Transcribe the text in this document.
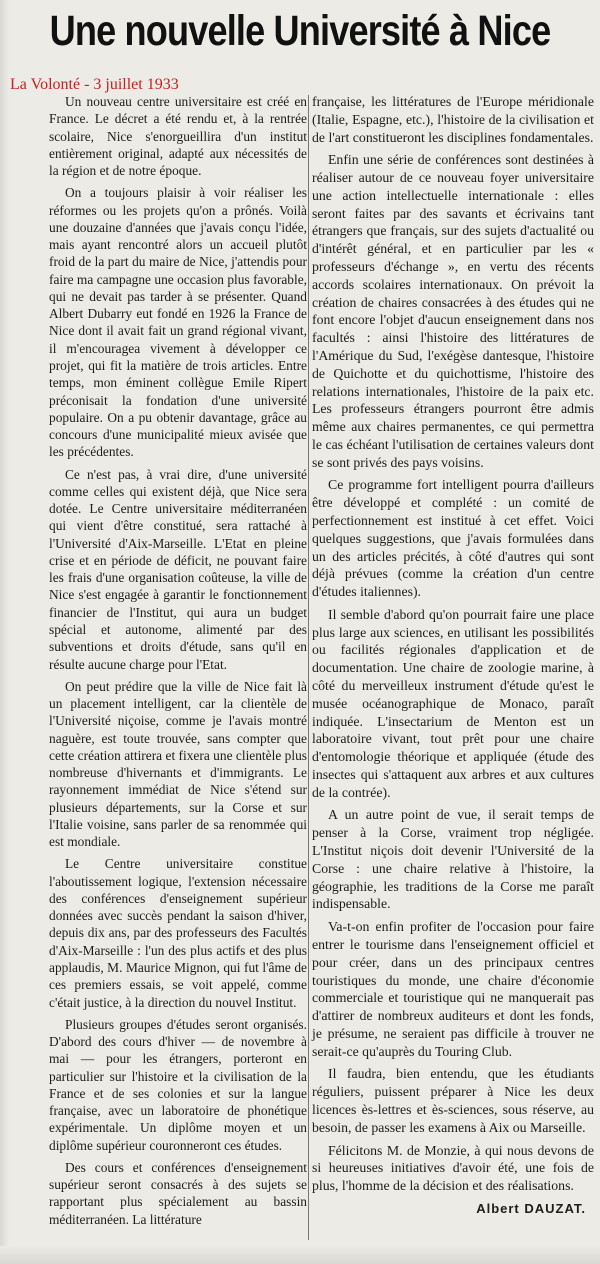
Une nouvelle Université à Nice
La Volonté - 3 juillet 1933

Un nouveau centre universitaire est créé en France. Le décret a été rendu et, à la rentrée scolaire, Nice s'enorgueillira d'un institut entièrement original, adapté aux nécessités de la région et de notre époque.

On a toujours plaisir à voir réaliser les réformes ou les projets qu'on a prônés. Voilà une douzaine d'années que j'avais conçu l'idée, mais ayant rencontré alors un accueil plutôt froid de la part du maire de Nice, j'attendis pour faire ma campagne une occasion plus favorable, qui ne devait pas tarder à se présenter. Quand Albert Dubarry eut fondé en 1926 la France de Nice dont il avait fait un grand régional vivant, il m'encourageа vivement à développer ce projet, qui fit la matière de trois articles. Entre temps, mon éminent collègue Emile Ripert préconisait la fondation d'une université populaire. On a pu obtenir davantage, grâce au concours d'une municipalité mieux avisée que les précédentes.

Ce n'est pas, à vrai dire, d'une université comme celles qui existent déjà, que Nice sera dotée. Le Centre universitaire méditerranéen qui vient d'être constitué, sera rattaché à l'Université d'Aix-Marseille. L'Etat en pleine crise et en période de déficit, ne pouvant faire les frais d'une organisation coûteuse, la ville de Nice s'est engagée à garantir le fonctionnement financier de l'Institut, qui aura un budget spécial et autonome, alimenté par des subventions et droits d'étude, sans qu'il en résulte aucune charge pour l'Etat.

On peut prédire que la ville de Nice fait là un placement intelligent, car la clientèle de l'Université niçoise, comme je l'avais montré naguère, est toute trouvée, sans compter que cette création attirera et fixera une clientèle plus nombreuse d'hivernants et d'immigrants. Le rayonnement immédiat de Nice s'étend sur plusieurs départements, sur la Corse et sur l'Italie voisine, sans parler de sa renommée qui est mondiale.

Le Centre universitaire constitue l'aboutissement logique, l'extension nécessaire des conférences d'enseignement supérieur données avec succès pendant la saison d'hiver, depuis dix ans, par des professeurs des Facultés d'Aix-Marseille : l'un des plus actifs et des plus applaudis, M. Maurice Mignon, qui fut l'âme de ces premiers essais, se voit appelé, comme c'était justice, à la direction du nouvel Institut.

Plusieurs groupes d'études seront organisés. D'abord des cours d'hiver — de novembre à mai — pour les étrangers, porteront en particulier sur l'histoire et la civilisation de la France et de ses colonies et sur la langue française, avec un laboratoire de phonétique expérimentale. Un diplôme moyen et un diplôme supérieur couronneront ces études.

Des cours et conférences d'enseignement supérieur seront consacrés à des sujets se rapportant plus spécialement au bassin méditerranéen. La littérature

française, les littératures de l'Europe méridionale (Italie, Espagne, etc.), l'histoire de la civilisation et de l'art constitueront les disciplines fondamentales.

Enfin une série de conférences sont destinées à réaliser autour de ce nouveau foyer universitaire une action intellectuelle internationale : elles seront faites par des savants et écrivains tant étrangers que français, sur des sujets d'actualité ou d'intérêt général, et en particulier par les « professeurs d'échange », en vertu des récents accords scolaires internationaux. On prévoit la création de chaires consacrées à des études qui ne font encore l'objet d'aucun enseignement dans nos facultés : ainsi l'histoire des littératures de l'Amérique du Sud, l'exégèse dantesque, l'histoire de Quichotte et du quichottisme, l'histoire des relations internationales, l'histoire de la paix etc. Les professeurs étrangers pourront être admis même aux chaires permanentes, ce qui permettra le cas échéant l'utilisation de certaines valeurs dont se sont privés des pays voisins.

Ce programme fort intelligent pourra d'ailleurs être développé et complété : un comité de perfectionnement est institué à cet effet. Voici quelques suggestions, que j'avais formulées dans un des articles précités, à côté d'autres qui sont déjà prévues (comme la création d'un centre d'études italiennes).

Il semble d'abord qu'on pourrait faire une place plus large aux sciences, en utilisant les possibilités ou facilités régionales d'application et de documentation. Une chaire de zoologie marine, à côté du merveilleux instrument d'étude qu'est le musée océanographique de Monaco, paraît indiquée. L'insectarium de Menton est un laboratoire vivant, tout prêt pour une chaire d'entomologie théorique et appliquée (étude des insectes qui s'attaquent aux arbres et aux cultures de la contrée).

A un autre point de vue, il serait temps de penser à la Corse, vraiment trop négligée. L'Institut niçois doit devenir l'Université de la Corse : une chaire relative à l'histoire, la géographie, les traditions de la Corse me paraît indispensable.

Va-t-on enfin profiter de l'occasion pour faire entrer le tourisme dans l'enseignement officiel et pour créer, dans un des principaux centres touristiques du monde, une chaire d'économie commerciale et touristique qui ne manquerait pas d'attirer de nombreux auditeurs et dont les fonds, je présume, ne seraient pas difficile à trouver ne serait-ce qu'auprès du Touring Club.

Il faudra, bien entendu, que les étudiants réguliers, puissent préparer à Nice les deux licences ès-lettres et ès-sciences, sous réserve, au besoin, de passer les examens à Aix ou Marseille.

Félicitons M. de Monzie, à qui nous devons de si heureuses initiatives d'avoir été, une fois de plus, l'homme de la décision et des réalisations.

Albert DAUZAT.
